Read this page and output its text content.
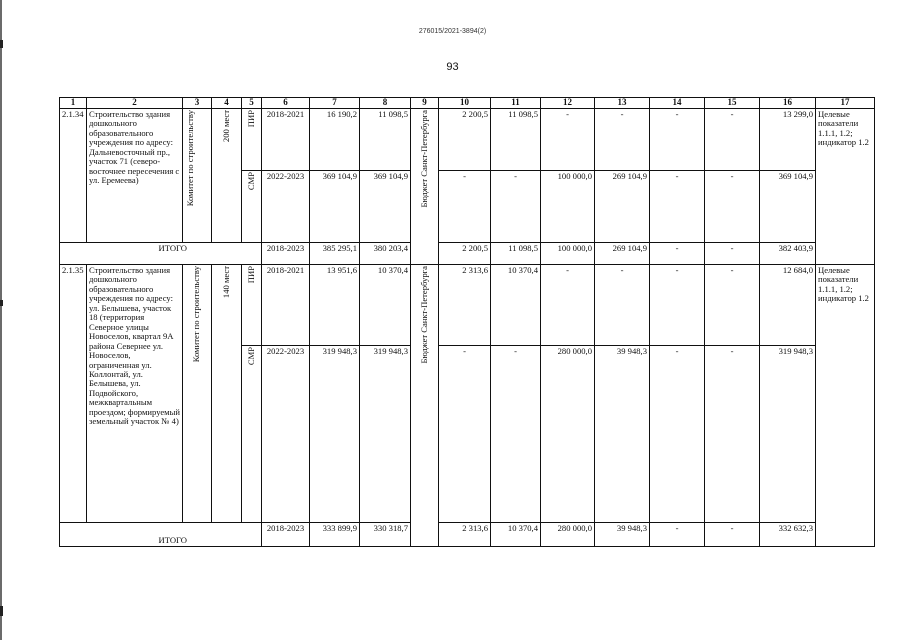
276015/2021-3894(2)
93
1	2	3	4	5	6	7	8	9	10	11	12	13	14	15	16	17
2.1.34	Строительство здания дошкольного образовательного учреждения по адресу: Дальневосточный пр., участок 71 (северо-восточнее пересечения с ул. Еремеева)	Комитет по строительству	200 мест	ПИР	2018-2021	16 190,2	11 098,5	Бюджет Санкт-Петербурга	2 200,5	11 098,5	-	-	-	-	13 299,0	Целевые показатели 1.1.1, 1.2; индикатор 1.2
				СМР	2022-2023	369 104,9	369 104,9		-	-	100 000,0	269 104,9	-	-	369 104,9	
	ИТОГО				2018-2023	385 295,1	380 203,4		2 200,5	11 098,5	100 000,0	269 104,9	-	-	382 403,9	
2.1.35	Строительство здания дошкольного образовательного учреждения по адресу: ул. Белышева, участок 18 (территория Северное улицы Новоселов, квартал 9А района Севернее ул. Новоселов, ограниченная ул. Коллонтай, ул. Белышева, ул. Подвойского, межквартальным проездом; формируемый земельный участок № 4)	Комитет по строительству	140 мест	ПИР	2018-2021	13 951,6	10 370,4	Бюджет Санкт-Петербурга	2 313,6	10 370,4	-	-	-	-	12 684,0	Целевые показатели 1.1.1, 1.2; индикатор 1.2
				СМР	2022-2023	319 948,3	319 948,3		-	-	280 000,0	39 948,3	-	-	319 948,3	
	ИТОГО				2018-2023	333 899,9	330 318,7		2 313,6	10 370,4	280 000,0	39 948,3	-	-	332 632,3	
